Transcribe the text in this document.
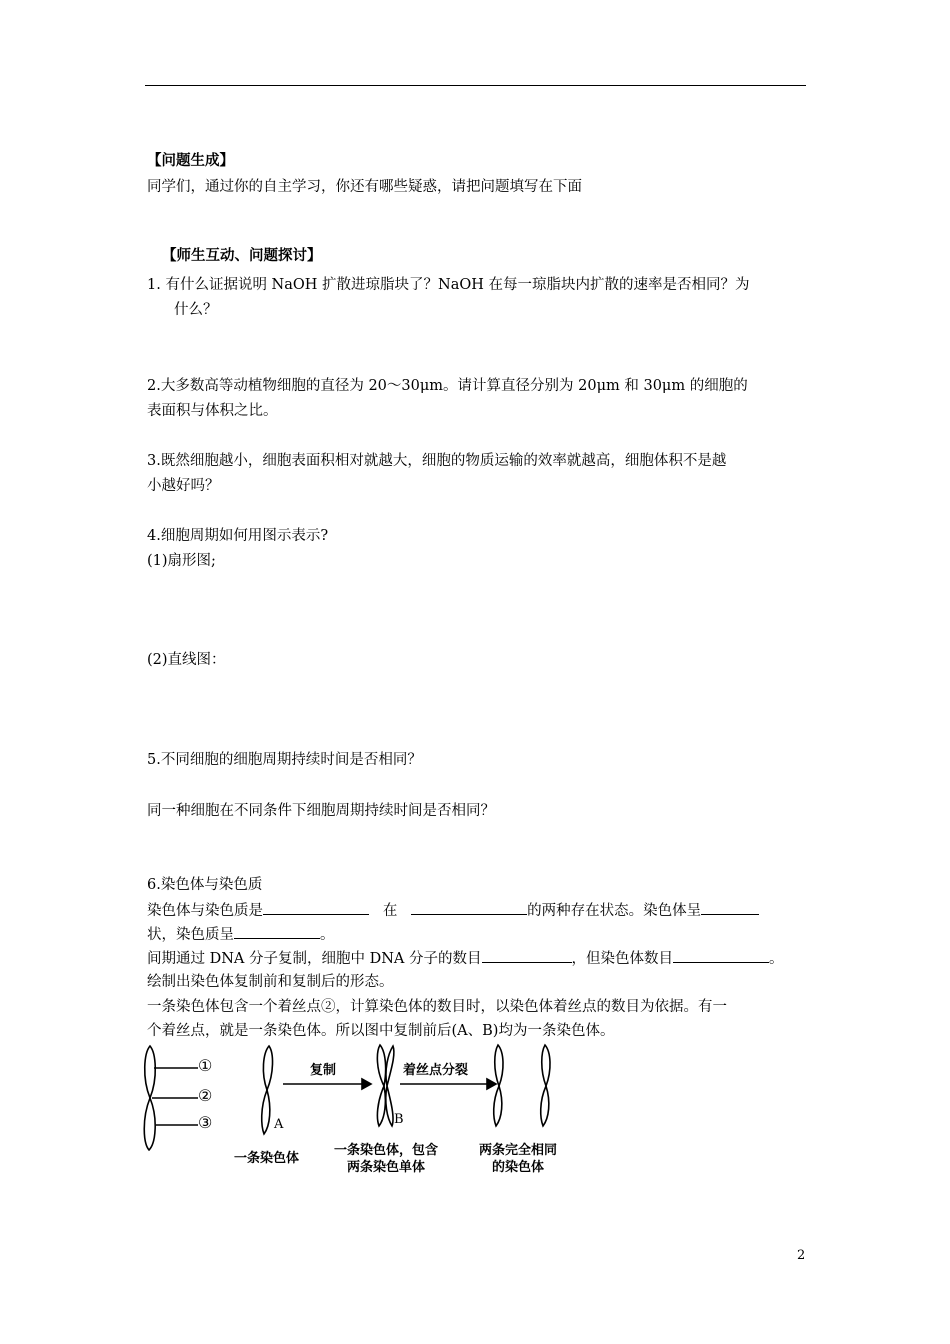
【问题生成】
同学们，通过你的自主学习，你还有哪些疑惑，请把问题填写在下面
【师生互动、问题探讨】
1. 有什么证据说明 NaOH 扩散进琼脂块了？NaOH 在每一琼脂块内扩散的速率是否相同？为
什么？
2.大多数高等动植物细胞的直径为 20～30μm。请计算直径分别为 20μm 和 30μm 的细胞的
表面积与体积之比。
3.既然细胞越小，细胞表面积相对就越大，细胞的物质运输的效率就越高，细胞体积不是越
小越好吗？
4.细胞周期如何用图示表示?
(1)扇形图;
(2)直线图：
5.不同细胞的细胞周期持续时间是否相同？
同一种细胞在不同条件下细胞周期持续时间是否相同？
6.染色体与染色质
染色体与染色质是	在	的两种存在状态。染色体呈
状，染色质呈	。
间期通过 DNA 分子复制，细胞中 DNA 分子的数目	，但染色体数目	。
绘制出染色体复制前和复制后的形态。
一条染色体包含一个着丝点②，计算染色体的数目时，以染色体着丝点的数目为依据。有一
个着丝点，就是一条染色体。所以图中复制前后(A、B)均为一条染色体。
①
②
③	A	B
复制	着丝点分裂
一条染色体
一条染色体，包含
两条染色单体
两条完全相同
的染色体
2
